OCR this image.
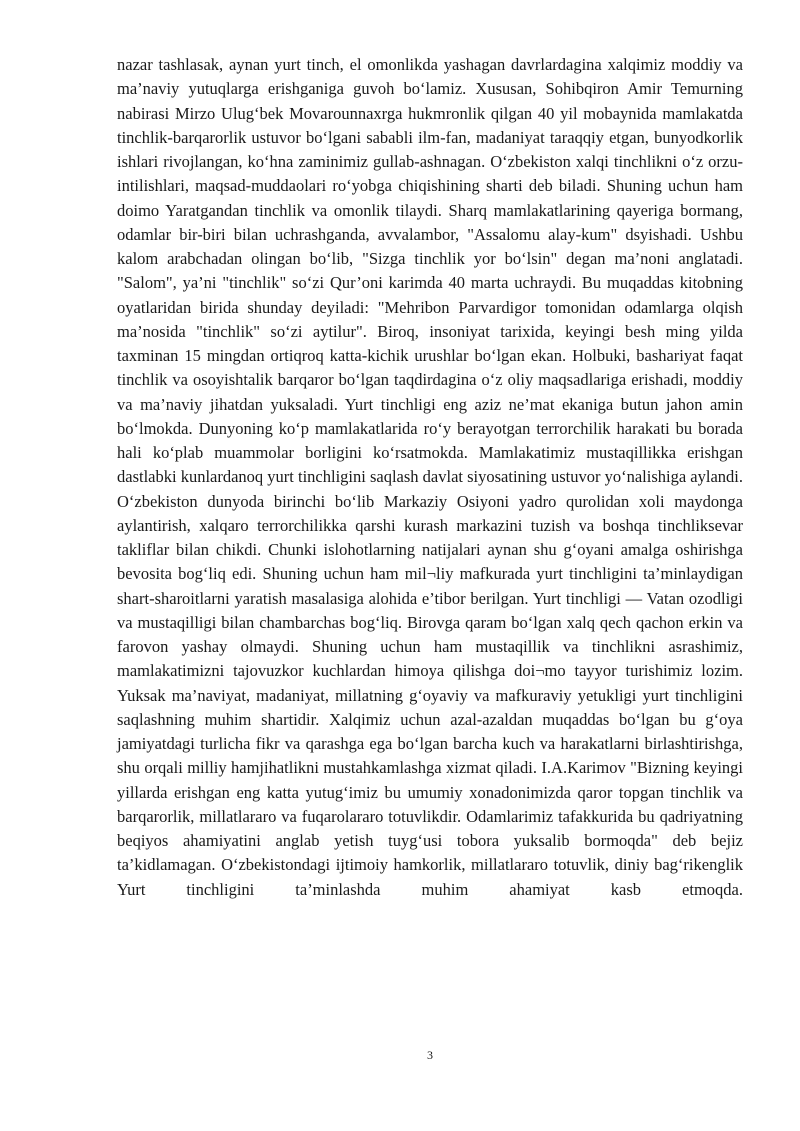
nazar tashlasak, aynan yurt tinch, el omonlikda yashagan davrlardagina xalqimiz moddiy va ma’naviy yutuqlarga erishganiga guvoh bo‘lamiz. Xususan, Sohibqiron Amir Temurning nabirasi Mirzo Ulug‘bek Movarounnaxrga hukmronlik qilgan 40 yil mobaynida mamlakatda tinchlik-barqarorlik ustuvor bo‘lgani sababli ilm-fan, madaniyat taraqqiy etgan, bunyodkorlik ishlari rivojlangan, ko‘hna zaminimiz gullab-ashnagan. O‘zbekiston xalqi tinchlikni o‘z orzu-intilishlari, maqsad-muddaolari ro‘yobga chiqishining sharti deb biladi. Shuning uchun ham doimo Yaratgandan tinchlik va omonlik tilaydi. Sharq mamlakatlarining qayeriga bormang, odamlar bir-biri bilan uchrashganda, avvalambor, "Assalomu alay-kum" dsyishadi. Ushbu kalom arabchadan olingan bo‘lib, "Sizga tinchlik yor bo‘lsin" degan ma’noni anglatadi. "Salom", ya’ni "tinchlik" so‘zi Qur’oni karimda 40 marta uchraydi. Bu muqaddas kitobning oyatlaridan birida shunday deyiladi: "Mehribon Parvardigor tomonidan odamlarga olqish ma’nosida "tinchlik" so‘zi aytilur". Biroq, insoniyat tarixida, keyingi besh ming yilda taxminan 15 mingdan ortiqroq katta-kichik urushlar bo‘lgan ekan. Holbuki, bashariyat faqat tinchlik va osoyishtalik barqaror bo‘lgan taqdirdagina o‘z oliy maqsadlariga erishadi, moddiy va ma’naviy jihatdan yuksaladi. Yurt tinchligi eng aziz ne’mat ekaniga butun jahon amin bo‘lmokda. Dunyoning ko‘p mamlakatlarida ro‘y berayotgan terrorchilik harakati bu borada hali ko‘plab muammolar borligini ko‘rsatmokda. Mamlakatimiz mustaqillikka erishgan dastlabki kunlardanoq yurt tinchligini saqlash davlat siyosatining ustuvor yo‘nalishiga aylandi. O‘zbekiston dunyoda birinchi bo‘lib Markaziy Osiyoni yadro qurolidan xoli maydonga aylantirish, xalqaro terrorchilikka qarshi kurash markazini tuzish va boshqa tinchliksevar takliflar bilan chikdi. Chunki islohotlarning natijalari aynan shu g‘oyani amalga oshirishga bevosita bog‘liq edi. Shuning uchun ham mil¬liy mafkurada yurt tinchligini ta’minlaydigan shart-sharoitlarni yaratish masalasiga alohida e’tibor berilgan. Yurt tinchligi — Vatan ozodligi va mustaqilligi bilan chambarchas bog‘liq. Birovga qaram bo‘lgan xalq qech qachon erkin va farovon yashay olmaydi. Shuning uchun ham mustaqillik va tinchlikni asrashimiz, mamlakatimizni tajovuzkor kuchlardan himoya qilishga doi¬mo tayyor turishimiz lozim. Yuksak ma’naviyat, madaniyat, millatning g‘oyaviy va mafkuraviy yetukligi yurt tinchligini saqlashning muhim shartidir. Xalqimiz uchun azal-azaldan muqaddas bo‘lgan bu g‘oya jamiyatdagi turlicha fikr va qarashga ega bo‘lgan barcha kuch va harakatlarni birlashtirishga, shu orqali milliy hamjihatlikni mustahkamlashga xizmat qiladi. I.A.Karimov "Bizning keyingi yillarda erishgan eng katta yutug‘imiz bu umumiy xonadonimizda qaror topgan tinchlik va barqarorlik, millatlararo va fuqarolararo totuvlikdir. Odamlarimiz tafakkurida bu qadriyatning beqiyos ahamiyatini anglab yetish tuyg‘usi tobora yuksalib bormoqda" deb bejiz ta’kidlamagan. O‘zbekistondagi ijtimoiy hamkorlik, millatlararo totuvlik, diniy bag‘rikenglik Yurt tinchligini ta’minlashda muhim ahamiyat kasb etmoqda.

3
